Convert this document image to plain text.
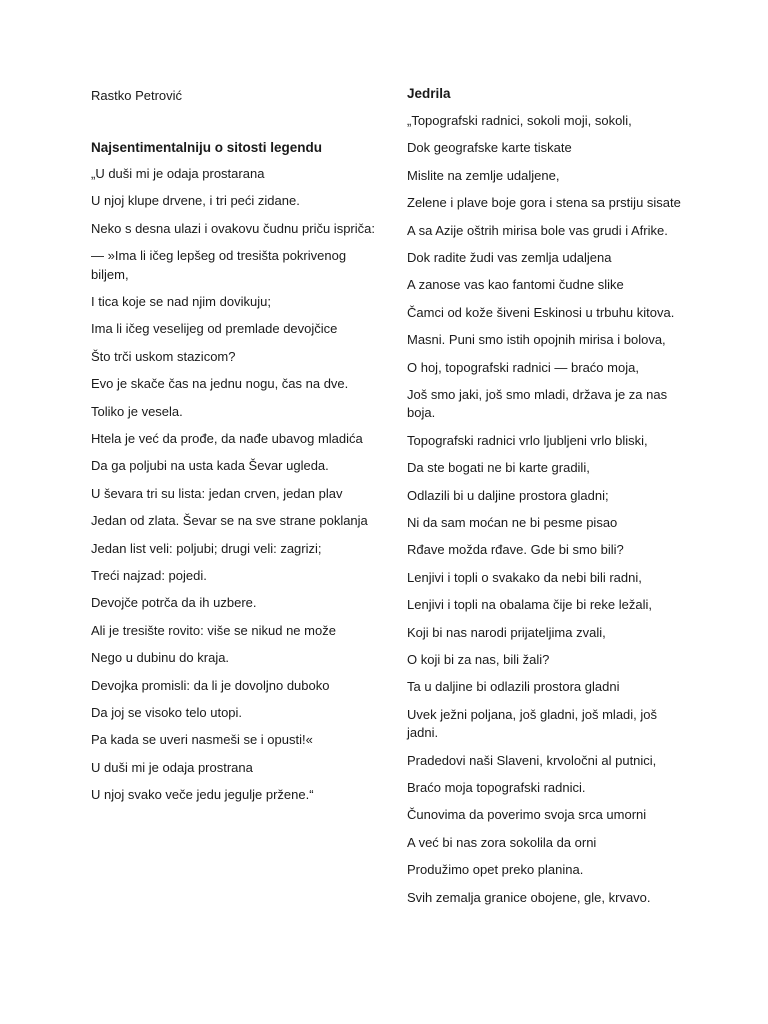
Rastko Petrović
Najsentimentalniju o sitosti legendu
„U duši mi je odaja prostarana
U njoj klupe drvene, i tri peći zidane.
Neko s desna ulazi i ovakovu čudnu priču ispriča:
— »Ima li ičeg lepšeg od tresišta pokrivenog biljem,
I tica koje se nad njim dovikuju;
Ima li ičeg veselijeg od premlade devojčice
Što trči uskom stazicom?
Evo je skače čas na jednu nogu, čas na dve.
Toliko je vesela.
Htela je već da prođe, da nađe ubavog mladića
Da ga poljubi na usta kada Ševar ugleda.
U ševara tri su lista: jedan crven, jedan plav
Jedan od zlata. Ševar se na sve strane poklanja
Jedan list veli: poljubi; drugi veli: zagrizi;
Treći najzad: pojedi.
Devojče potrča da ih uzbere.
Ali je tresište rovito: više se nikud ne može
Nego u dubinu do kraja.
Devojka promisli: da li je dovoljno duboko
Da joj se visoko telo utopi.
Pa kada se uveri nasmeši se i opusti!«
U duši mi je odaja prostrana
U njoj svako veče jedu jegulje pržene.“
Jedrila
„Topografski radnici, sokoli moji, sokoli,
Dok geografske karte tiskate
Mislite na zemlje udaljene,
Zelene i plave boje gora i stena sa prstiju sisate
A sa Azije oštrih mirisa bole vas grudi i Afrike.
Dok radite žudi vas zemlja udaljena
A zanose vas kao fantomi čudne slike
Čamci od kože šiveni Eskinosi u trbuhu kitova.
Masni. Puni smo istih opojnih mirisa i bolova,
O hoj, topografski radnici — braćo moja,
Još smo jaki, još smo mladi, država je za nas boja.
Topografski radnici vrlo ljubljeni vrlo bliski,
Da ste bogati ne bi karte gradili,
Odlazili bi u daljine prostora gladni;
Ni da sam moćan ne bi pesme pisao
Rđave možda rđave. Gde bi smo bili?
Lenjivi i topli o svakako da nebi bili radni,
Lenjivi i topli na obalama čije bi reke ležali,
Koji bi nas narodi prijateljima zvali,
O koji bi za nas, bili žali?
Ta u daljine bi odlazili prostora gladni
Uvek ježni poljana, još gladni, još mladi, još jadni.
Pradedovi naši Slaveni, krvoločni al putnici,
Braćo moja topografski radnici.
Čunovima da poverimo svoja srca umorni
A već bi nas zora sokolila da orni
Produžimo opet preko planina.
Svih zemalja granice obojene, gle, krvavo.
